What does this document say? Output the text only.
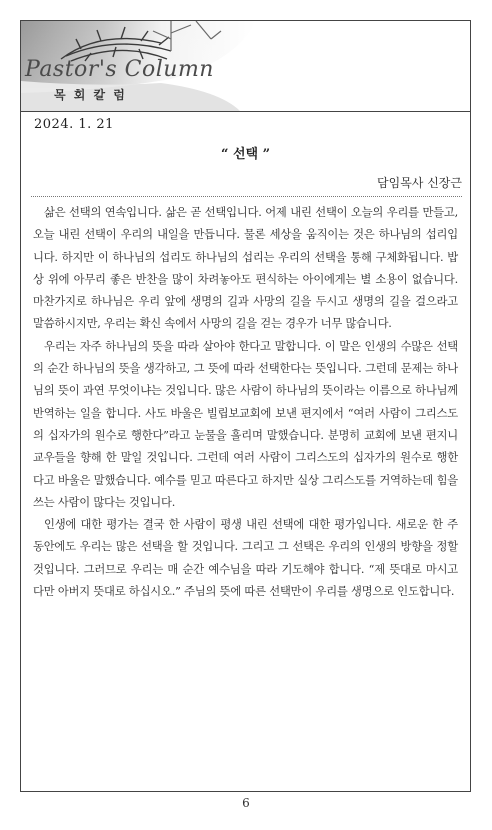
Pastor's Column
목 회 칼 럼
2024. 1. 21
“ 선택 ”
담임목사 신장근

삶은 선택의 연속입니다. 삶은 곧 선택입니다. 어제 내린 선택이 오늘의 우리를 만들고, 오늘 내린 선택이 우리의 내일을 만듭니다. 물론 세상을 움직이는 것은 하나님의 섭리입니다. 하지만 이 하나님의 섭리도 하나님의 섭리는 우리의 선택을 통해 구체화됩니다. 밥상 위에 아무리 좋은 반찬을 많이 차려놓아도 편식하는 아이에게는 별 소용이 없습니다. 마찬가지로 하나님은 우리 앞에 생명의 길과 사망의 길을 두시고 생명의 길을 걸으라고 말씀하시지만, 우리는 확신 속에서 사망의 길을 걷는 경우가 너무 많습니다.

우리는 자주 하나님의 뜻을 따라 살아야 한다고 말합니다. 이 말은 인생의 수많은 선택의 순간 하나님의 뜻을 생각하고, 그 뜻에 따라 선택한다는 뜻입니다. 그런데 문제는 하나님의 뜻이 과연 무엇이냐는 것입니다. 많은 사람이 하나님의 뜻이라는 이름으로 하나님께 반역하는 일을 합니다. 사도 바울은 빌립보교회에 보낸 편지에서 “여러 사람이 그리스도의 십자가의 원수로 행한다”라고 눈물을 흘리며 말했습니다. 분명히 교회에 보낸 편지니 교우들을 향해 한 말일 것입니다. 그런데 여러 사람이 그리스도의 십자가의 원수로 행한다고 바울은 말했습니다. 예수를 믿고 따른다고 하지만 실상 그리스도를 거역하는데 힘을 쓰는 사람이 많다는 것입니다.

인생에 대한 평가는 결국 한 사람이 평생 내린 선택에 대한 평가입니다. 새로운 한 주 동안에도 우리는 많은 선택을 할 것입니다. 그리고 그 선택은 우리의 인생의 방향을 정할 것입니다. 그러므로 우리는 매 순간 예수님을 따라 기도해야 합니다. “제 뜻대로 마시고 다만 아버지 뜻대로 하십시오.” 주님의 뜻에 따른 선택만이 우리를 생명으로 인도합니다.

6
